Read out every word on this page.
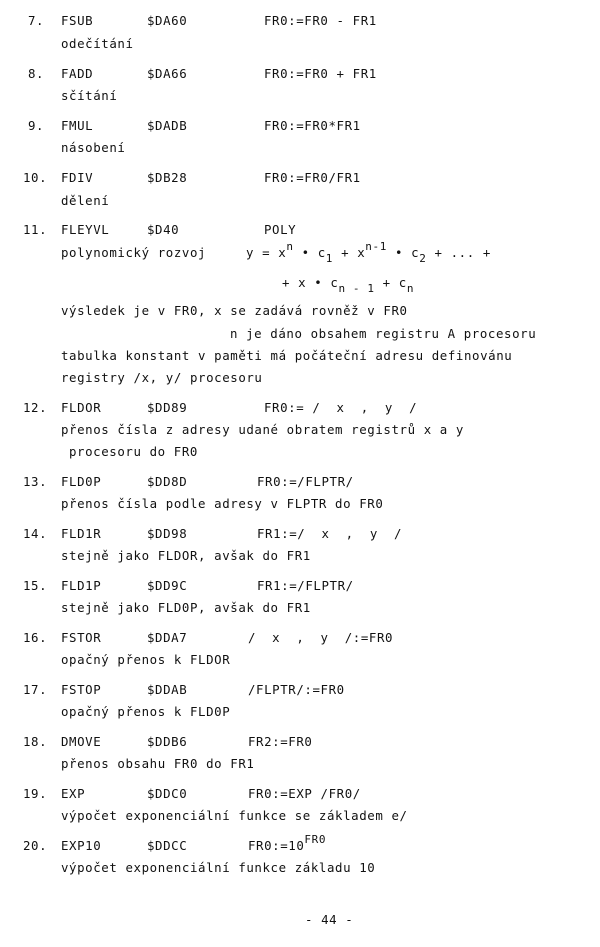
7. FSUB	$DA60	FR0:=FR0 - FR1
odečítání
8. FADD	$DA66	FR0:=FR0 + FR1
sčítání
9. FMUL	$DADB	FR0:=FR0*FR1
násobení
10. FDIV	$DB28	FR0:=FR0/FR1
dělení
11. FLEYVL	$D40	POLY
polynomický rozvoj	y = xn • c1 + xn-1 • c2 + ... +
+ x • cn - 1 + cn
výsledek je v FR0, x se zadává rovněž v FR0
n je dáno obsahem registru A procesoru
tabulka konstant v paměti má počáteční adresu definovánu
registry /x, y/ procesoru
12. FLDOR	$DD89	FR0:= /  x  ,  y  /
přenos čísla z adresy udané obratem registrů x a y
procesoru do FR0
13. FLD0P	$DD8D	FR0:=/FLPTR/
přenos čísla podle adresy v FLPTR do FR0
14. FLD1R	$DD98	FR1:=/  x  ,  y  /
stejně jako FLDOR, avšak do FR1
15. FLD1P	$DD9C	FR1:=/FLPTR/
stejně jako FLD0P, avšak do FR1
16. FSTOR	$DDA7	/  x  ,  y  /:=FR0
opačný přenos k FLDOR
17. FSTOP	$DDAB	/FLPTR/:=FR0
opačný přenos k FLD0P
18. DMOVE	$DDB6	FR2:=FR0
přenos obsahu FR0 do FR1
19. EXP	$DDC0	FR0:=EXP /FR0/
výpočet exponenciální funkce se základem e/
20. EXP10	$DDCC	FR0:=10FR0
výpočet exponenciální funkce základu 10
- 44 -
